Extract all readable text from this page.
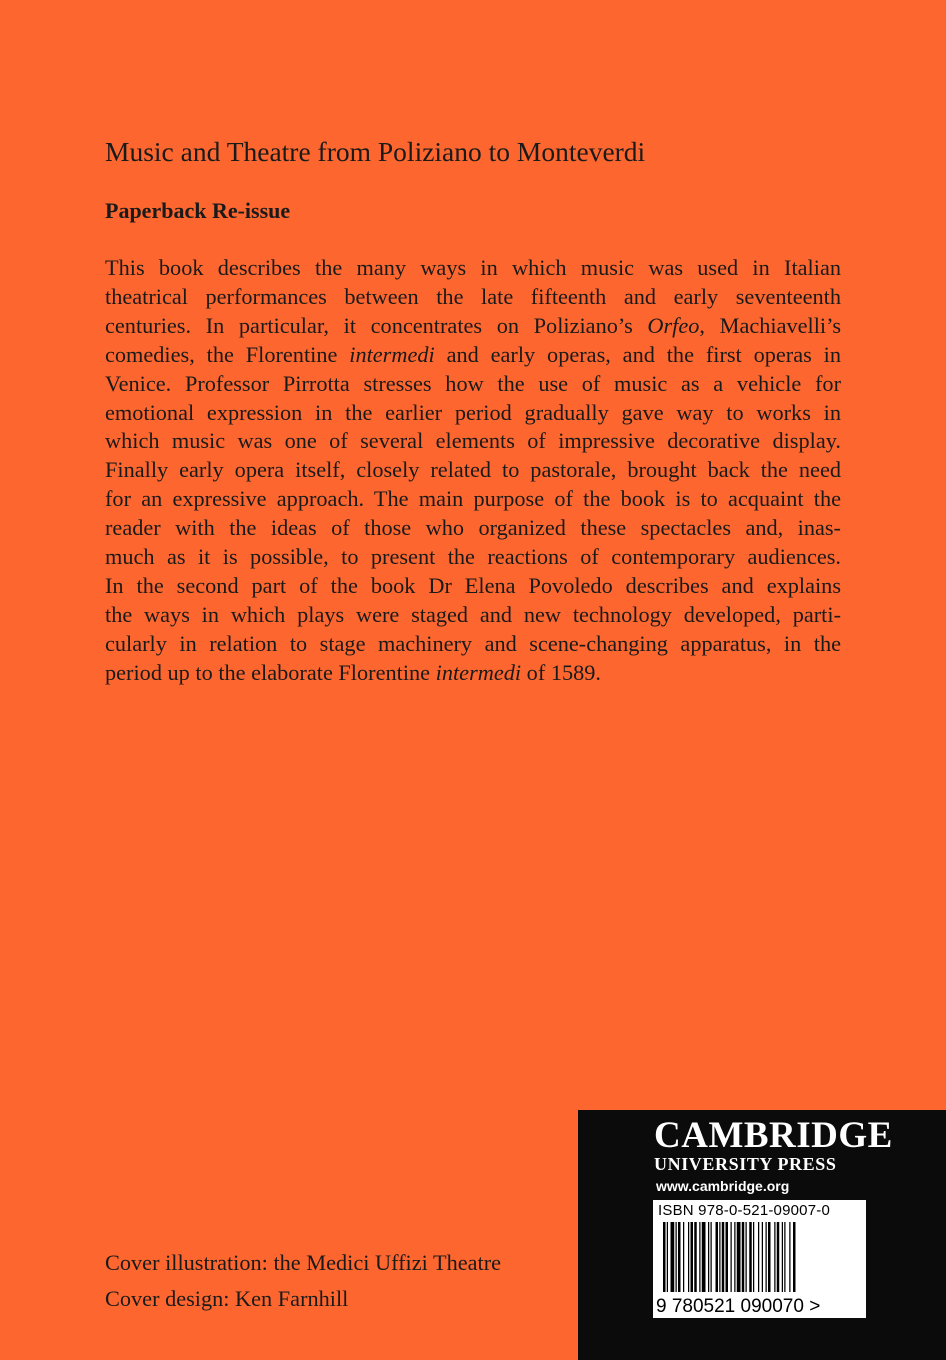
Music and Theatre from Poliziano to Monteverdi
Paperback Re-issue
This book describes the many ways in which music was used in Italian
theatrical performances between the late fifteenth and early seventeenth
centuries. In particular, it concentrates on Poliziano’s Orfeo, Machiavelli’s
comedies, the Florentine intermedi and early operas, and the first operas in
Venice. Professor Pirrotta stresses how the use of music as a vehicle for
emotional expression in the earlier period gradually gave way to works in
which music was one of several elements of impressive decorative display.
Finally early opera itself, closely related to pastorale, brought back the need
for an expressive approach. The main purpose of the book is to acquaint the
reader with the ideas of those who organized these spectacles and, inas-
much as it is possible, to present the reactions of contemporary audiences.
In the second part of the book Dr Elena Povoledo describes and explains
the ways in which plays were staged and new technology developed, parti-
cularly in relation to stage machinery and scene-changing apparatus, in the
period up to the elaborate Florentine intermedi of 1589.
Cover illustration: the Medici Uffizi Theatre
Cover design: Ken Farnhill
CAMBRIDGE
UNIVERSITY PRESS
www.cambridge.org
ISBN 978-0-521-09007-0
9 780521 090070 >
